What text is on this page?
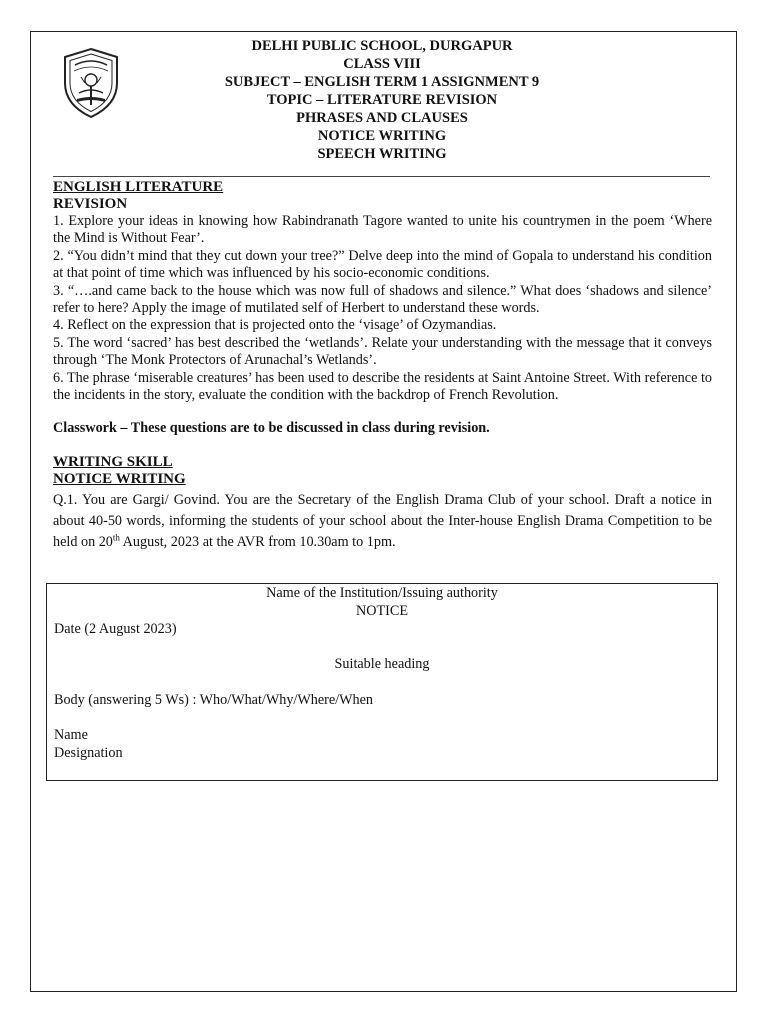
DELHI PUBLIC SCHOOL, DURGAPUR
CLASS VIII
SUBJECT – ENGLISH TERM 1 ASSIGNMENT 9
TOPIC – LITERATURE REVISION
PHRASES AND CLAUSES
NOTICE WRITING
SPEECH WRITING
ENGLISH LITERATURE
REVISION
1. Explore your ideas in knowing how Rabindranath Tagore wanted to unite his countrymen in the poem ‘Where the Mind is Without Fear’.
2. “You didn’t mind that they cut down your tree?” Delve deep into the mind of Gopala to understand his condition at that point of time which was influenced by his socio-economic conditions.
3. “….and came back to the house which was now full of shadows and silence.” What does ‘shadows and silence’ refer to here? Apply the image of mutilated self of Herbert to understand these words.
4. Reflect on the expression that is projected onto the ‘visage’ of Ozymandias.
5. The word ‘sacred’ has best described the ‘wetlands’. Relate your understanding with the message that it conveys through ‘The Monk Protectors of Arunachal’s Wetlands’.
6. The phrase ‘miserable creatures’ has been used to describe the residents at Saint Antoine Street. With reference to the incidents in the story, evaluate the condition with the backdrop of French Revolution.
Classwork – These questions are to be discussed in class during revision.
WRITING SKILL
NOTICE WRITING
Q.1. You are Gargi/ Govind. You are the Secretary of the English Drama Club of your school. Draft a notice in about 40-50 words, informing the students of your school about the Inter-house English Drama Competition to be held on 20th August, 2023 at the AVR from 10.30am to 1pm.
Name of the Institution/Issuing authority
NOTICE
Date (2 August 2023)
Suitable heading
Body (answering 5 Ws) : Who/What/Why/Where/When
Name
Designation
